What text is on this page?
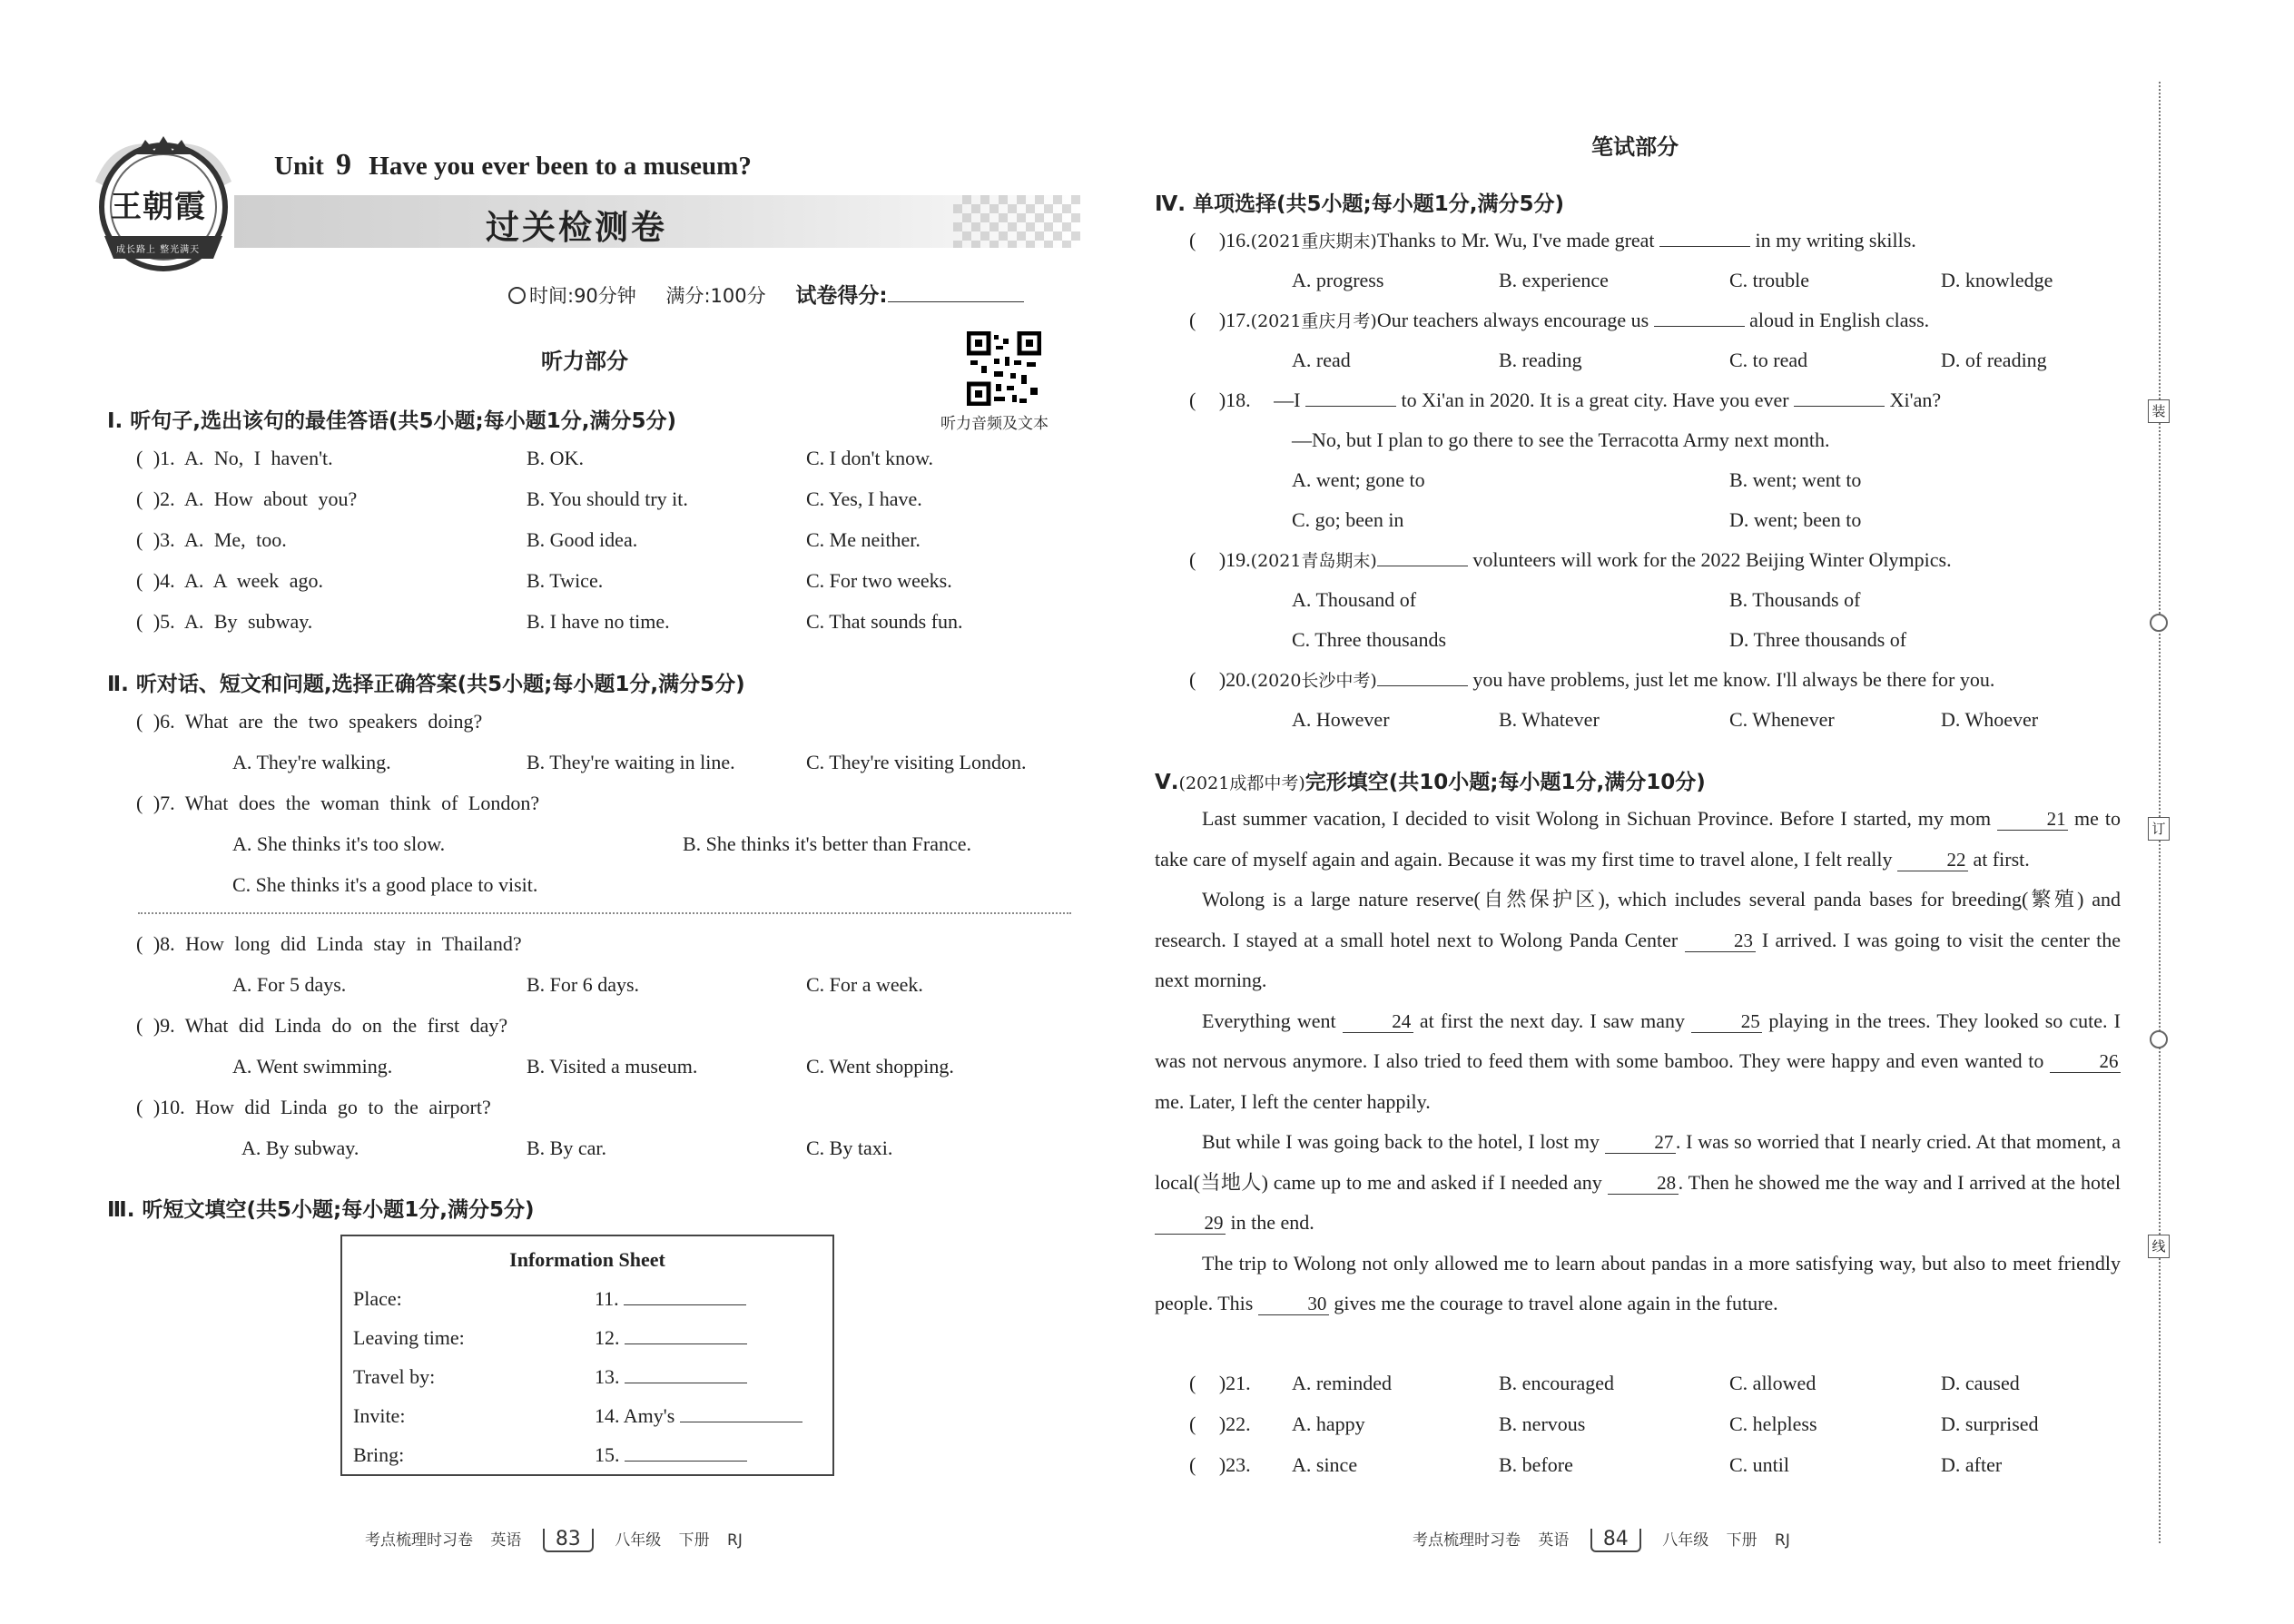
王朝霞
成长路上 整光满天
Unit 9 Have you ever been to a museum?
过关检测卷
时间:90分钟 满分:100分 试卷得分:
听力音频及文本
听力部分
Ⅰ. 听句子,选出该句的最佳答语(共5小题;每小题1分,满分5分)
( )1. A. No, I haven't.	B. OK.	C. I don't know.
( )2. A. How about you?	B. You should try it.	C. Yes, I have.
( )3. A. Me, too.	B. Good idea.	C. Me neither.
( )4. A. A week ago.	B. Twice.	C. For two weeks.
( )5. A. By subway.	B. I have no time.	C. That sounds fun.
Ⅱ. 听对话、短文和问题,选择正确答案(共5小题;每小题1分,满分5分)
( )6. What are the two speakers doing?
A. They're walking.	B. They're waiting in line.	C. They're visiting London.
( )7. What does the woman think of London?
A. She thinks it's too slow.	B. She thinks it's better than France.
C. She thinks it's a good place to visit.
( )8. How long did Linda stay in Thailand?
A. For 5 days.	B. For 6 days.	C. For a week.
( )9. What did Linda do on the first day?
A. Went swimming.	B. Visited a museum.	C. Went shopping.
( )10. How did Linda go to the airport?
A. By subway.	B. By car.	C. By taxi.
Ⅲ. 听短文填空(共5小题;每小题1分,满分5分)
Information Sheet
Place:	11.
Leaving time:	12.
Travel by:	13.
Invite:	14. Amy's
Bring:	15.
笔试部分
Ⅳ. 单项选择(共5小题;每小题1分,满分5分)
( )16.(2021重庆期末)Thanks to Mr. Wu, I've made great	in my writing skills.
A. progress	B. experience	C. trouble	D. knowledge
( )17.(2021重庆月考)Our teachers always encourage us	aloud in English class.
A. read	B. reading	C. to read	D. of reading
( )18. —I	to Xi'an in 2020. It is a great city. Have you ever	Xi'an?
—No, but I plan to go there to see the Terracotta Army next month.
A. went; gone to	B. went; went to
C. go; been in	D. went; been to
( )19.(2021青岛期末)	volunteers will work for the 2022 Beijing Winter Olympics.
A. Thousand of	B. Thousands of
C. Three thousands	D. Three thousands of
( )20.(2020长沙中考)	you have problems, just let me know. I'll always be there for you.
A. However	B. Whatever	C. Whenever	D. Whoever
Ⅴ.(2021成都中考)完形填空(共10小题;每小题1分,满分10分)

Last summer vacation, I decided to visit Wolong in Sichuan Province. Before I started, my mom	21 me to take care of myself again and again. Because it was my first time to travel alone, I felt really	22 at first.

Wolong is a large nature reserve(自然保护区), which includes several panda bases for breeding(繁殖) and research. I stayed at a small hotel next to Wolong Panda Center	23 I arrived. I was going to visit the center the next morning.

Everything went	24 at first the next day. I saw many	25 playing in the trees. They looked so cute. I was not nervous anymore. I also tried to feed them with some bamboo. They were happy and even wanted to	26 me. Later, I left the center happily.

But while I was going back to the hotel, I lost my	27 . I was so worried that I nearly cried. At that moment, a local(当地人) came up to me and asked if I needed any	28 . Then he showed me the way and I arrived at the hotel 29 in the end.

The trip to Wolong not only allowed me to learn about pandas in a more satisfying way, but also to meet friendly people. This	30 gives me the courage to travel alone again in the future.

( )21. A. reminded	B. encouraged	C. allowed	D. caused
( )22. A. happy	B. nervous	C. helpless	D. surprised
( )23. A. since	B. before	C. until	D. after
考点梳理时习卷 英语 83 八年级 下册 RJ	考点梳理时习卷 英语 84 八年级 下册 RJ
装
订
线
